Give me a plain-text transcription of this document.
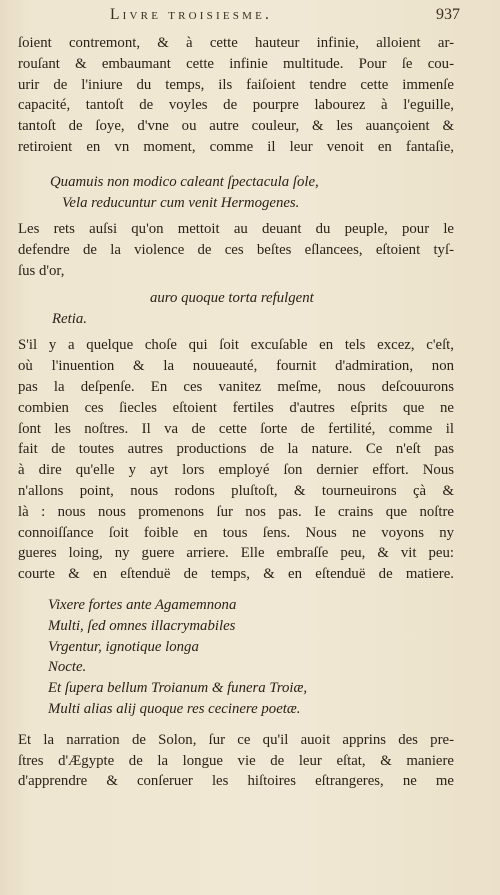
Livre troisiesme.	937
ſoient contremont, & à cette hauteur infinie, alloient ar-
rouſant & embaumant cette infinie multitude. Pour ſe cou-
urir de l'iniure du temps, ils faiſoient tendre cette immenſe
capacité, tantoſt de voyles de pourpre labourez à l'eguille,
tantoſt de ſoye, d'vne ou autre couleur, & les auançoient &
retiroient en vn moment, comme il leur venoit en fantaſie,
Quamuis non modico caleant ſpectacula ſole,
Vela reducuntur cum venit Hermogenes.
Les rets auſsi qu'on mettoit au deuant du peuple, pour le
defendre de la violence de ces beſtes eſlancees, eſtoient tyſ-
ſus d'or,
auro quoque torta refulgent
Retia.
S'il y a quelque choſe qui ſoit excuſable en tels excez, c'eſt,
où l'inuention & la nouueauté, fournit d'admiration, non
pas la deſpenſe. En ces vanitez meſme, nous deſcouurons
combien ces ſiecles eſtoient fertiles d'autres eſprits que ne
ſont les noſtres. Il va de cette ſorte de fertilité, comme il
fait de toutes autres productions de la nature. Ce n'eſt pas
à dire qu'elle y ayt lors employé ſon dernier effort. Nous
n'allons point, nous rodons pluſtoſt, & tourneuirons çà &
là : nous nous promenons ſur nos pas. Ie crains que noſtre
connoiſſance ſoit foible en tous ſens. Nous ne voyons ny
gueres loing, ny guere arriere. Elle embraſſe peu, & vit peu:
courte & en eſtenduë de temps, & en eſtenduë de matiere.
Vixere fortes ante Agamemnona
Multi, ſed omnes illacrymabiles
Vrgentur, ignotique longa
Nocte.
Et ſupera bellum Troianum & funera Troiæ,
Multi alias alij quoque res cecinere poetæ.
Et la narration de Solon, ſur ce qu'il auoit apprins des pre-
ſtres d'Ægypte de la longue vie de leur eſtat, & maniere
d'apprendre & conſeruer les hiſtoires eſtrangeres, ne me
